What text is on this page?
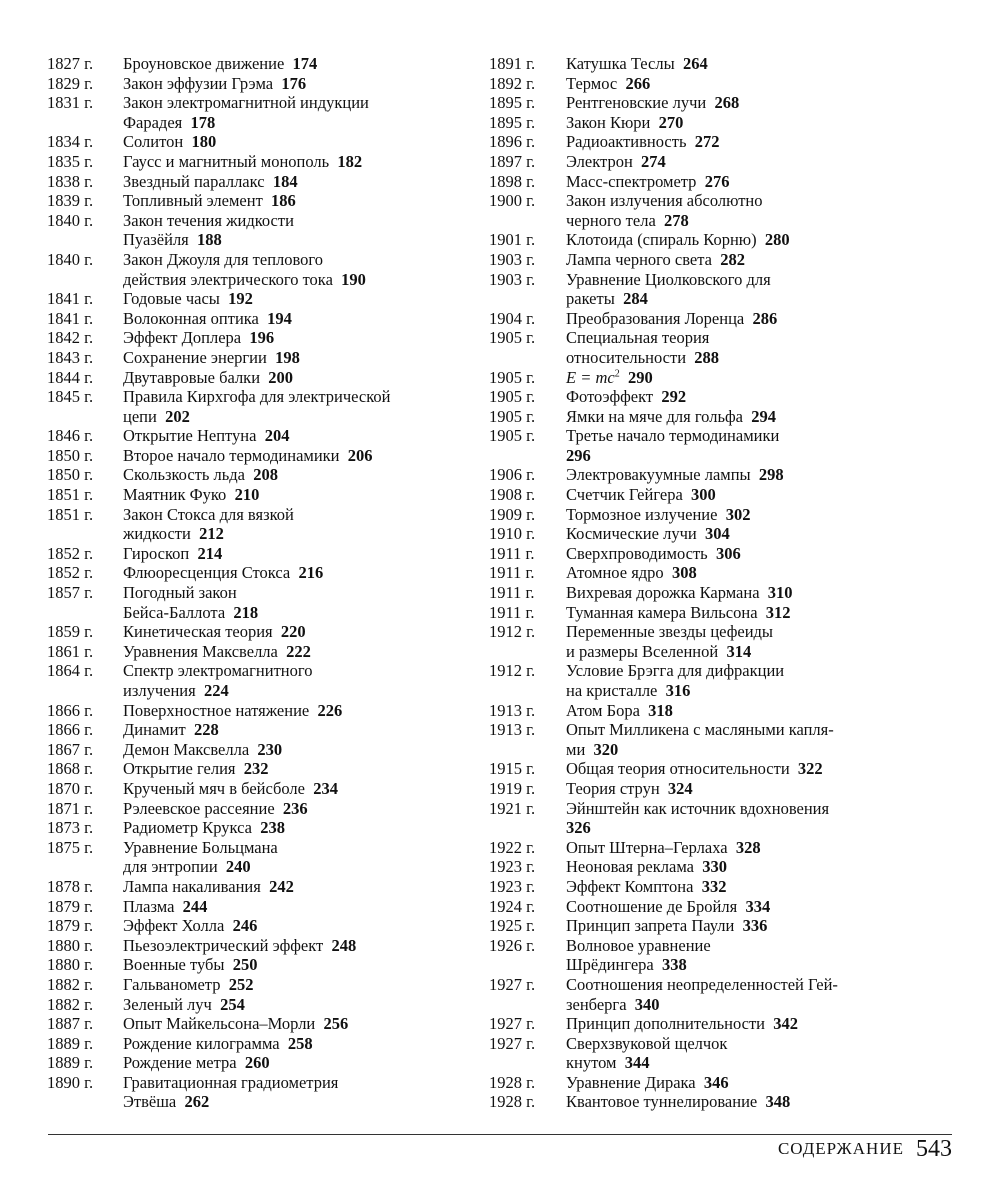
1827 г.	Броуновское движение 174
1829 г.	Закон эффузии Грэма 176
1831 г.	Закон электромагнитной индукции
Фарадея 178
1834 г.	Солитон 180
1835 г.	Гаусс и магнитный монополь 182
1838 г.	Звездный параллакс 184
1839 г.	Топливный элемент 186
1840 г.	Закон течения жидкости
Пуазёйля 188
1840 г.	Закон Джоуля для теплового
действия электрического тока 190
1841 г.	Годовые часы 192
1841 г.	Волоконная оптика 194
1842 г.	Эффект Доплера 196
1843 г.	Сохранение энергии 198
1844 г.	Двутавровые балки 200
1845 г.	Правила Кирхгофа для электрической
цепи 202
1846 г.	Открытие Нептуна 204
1850 г.	Второе начало термодинамики 206
1850 г.	Скользкость льда 208
1851 г.	Маятник Фуко 210
1851 г.	Закон Стокса для вязкой
жидкости 212
1852 г.	Гироскоп 214
1852 г.	Флюоресценция Стокса 216
1857 г.	Погодный закон
Бейса-Баллота 218
1859 г.	Кинетическая теория 220
1861 г.	Уравнения Максвелла 222
1864 г.	Спектр электромагнитного
излучения 224
1866 г.	Поверхностное натяжение 226
1866 г.	Динамит 228
1867 г.	Демон Максвелла 230
1868 г.	Открытие гелия 232
1870 г.	Крученый мяч в бейсболе 234
1871 г.	Рэлеевское рассеяние 236
1873 г.	Радиометр Крукса 238
1875 г.	Уравнение Больцмана
для энтропии 240
1878 г.	Лампа накаливания 242
1879 г.	Плазма 244
1879 г.	Эффект Холла 246
1880 г.	Пьезоэлектрический эффект 248
1880 г.	Военные тубы 250
1882 г.	Гальванометр 252
1882 г.	Зеленый луч 254
1887 г.	Опыт Майкельсона–Морли 256
1889 г.	Рождение килограмма 258
1889 г.	Рождение метра 260
1890 г.	Гравитационная градиометрия
Этвёша 262
1891 г.	Катушка Теслы 264
1892 г.	Термос 266
1895 г.	Рентгеновские лучи 268
1895 г.	Закон Кюри 270
1896 г.	Радиоактивность 272
1897 г.	Электрон 274
1898 г.	Масс-спектрометр 276
1900 г.	Закон излучения абсолютно
черного тела 278
1901 г.	Клотоида (спираль Корню) 280
1903 г.	Лампа черного света 282
1903 г.	Уравнение Циолковского для
ракеты 284
1904 г.	Преобразования Лоренца 286
1905 г.	Специальная теория
относительности 288
1905 г.	$E = mc^2$ 290
1905 г.	Фотоэффект 292
1905 г.	Ямки на мяче для гольфа 294
1905 г.	Третье начало термодинамики
296
1906 г.	Электровакуумные лампы 298
1908 г.	Счетчик Гейгера 300
1909 г.	Тормозное излучение 302
1910 г.	Космические лучи 304
1911 г.	Сверхпроводимость 306
1911 г.	Атомное ядро 308
1911 г.	Вихревая дорожка Кармана 310
1911 г.	Туманная камера Вильсона 312
1912 г.	Переменные звезды цефеиды
и размеры Вселенной 314
1912 г.	Условие Брэгга для дифракции
на кристалле 316
1913 г.	Атом Бора 318
1913 г.	Опыт Милликена с масляными капля-
ми 320
1915 г.	Общая теория относительности 322
1919 г.	Теория струн 324
1921 г.	Эйнштейн как источник вдохновения
326
1922 г.	Опыт Штерна–Герлаха 328
1923 г.	Неоновая реклама 330
1923 г.	Эффект Комптона 332
1924 г.	Соотношение де Бройля 334
1925 г.	Принцип запрета Паули 336
1926 г.	Волновое уравнение
Шрёдингера 338
1927 г.	Соотношения неопределенностей Гей-
зенберга 340
1927 г.	Принцип дополнительности 342
1927 г.	Сверхзвуковой щелчок
кнутом 344
1928 г.	Уравнение Дирака 346
1928 г.	Квантовое туннелирование 348
СОДЕРЖАНИЕ 543
